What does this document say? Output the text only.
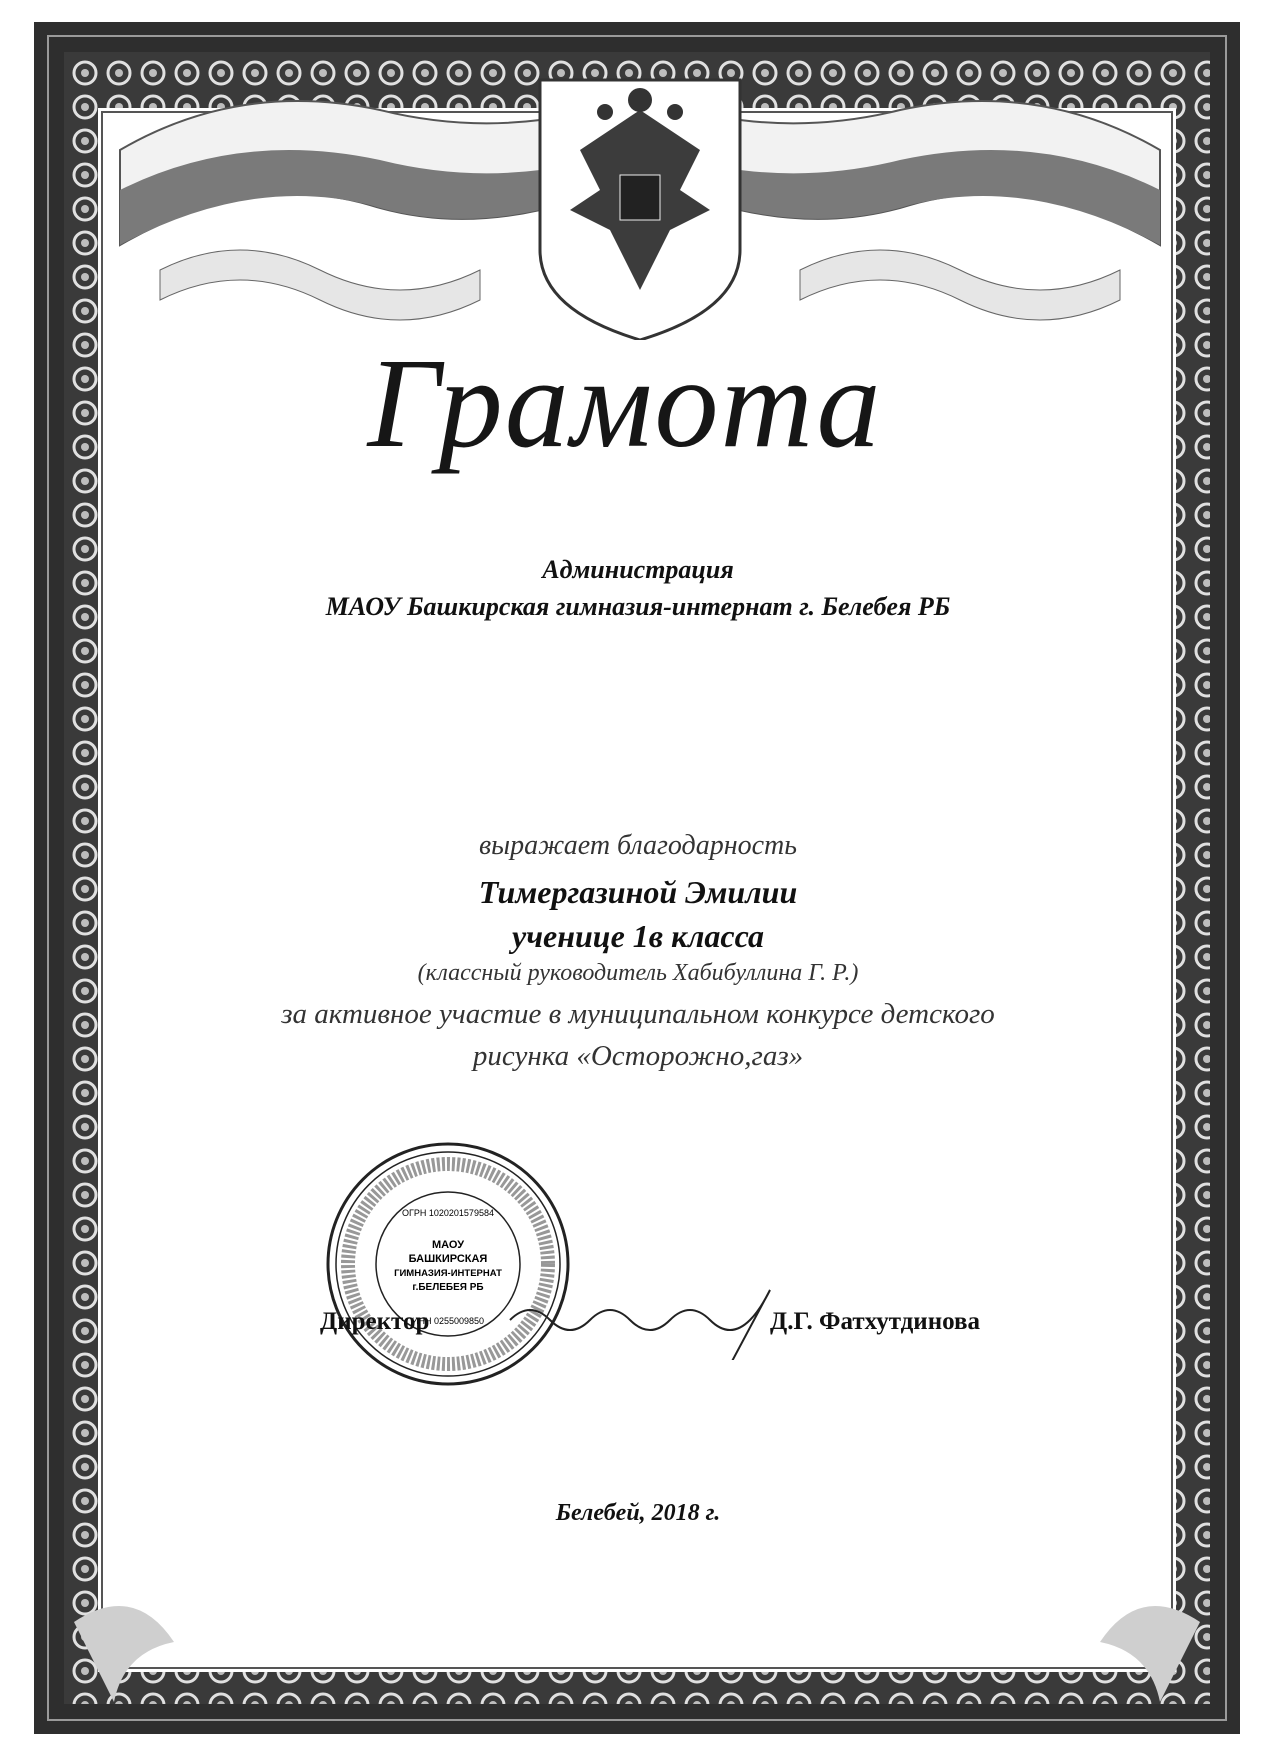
Грамота
Администрация
МАОУ Башкирская гимназия-интернат г. Белебея РБ
выражает благодарность
Тимергазиной Эмилии
ученице 1в класса
(классный руководитель Хабибуллина Г. Р.)
за активное участие в муниципальном конкурсе детского
рисунка «Осторожно,газ»
МАОУ
БАШКИРСКАЯ
ГИМНАЗИЯ-ИНТЕРНАТ
г.БЕЛЕБЕЯ РБ
ОГРН 1020201579584
ИНН 0255009850
Директор	Д.Г. Фатхутдинова
Белебей, 2018 г.
